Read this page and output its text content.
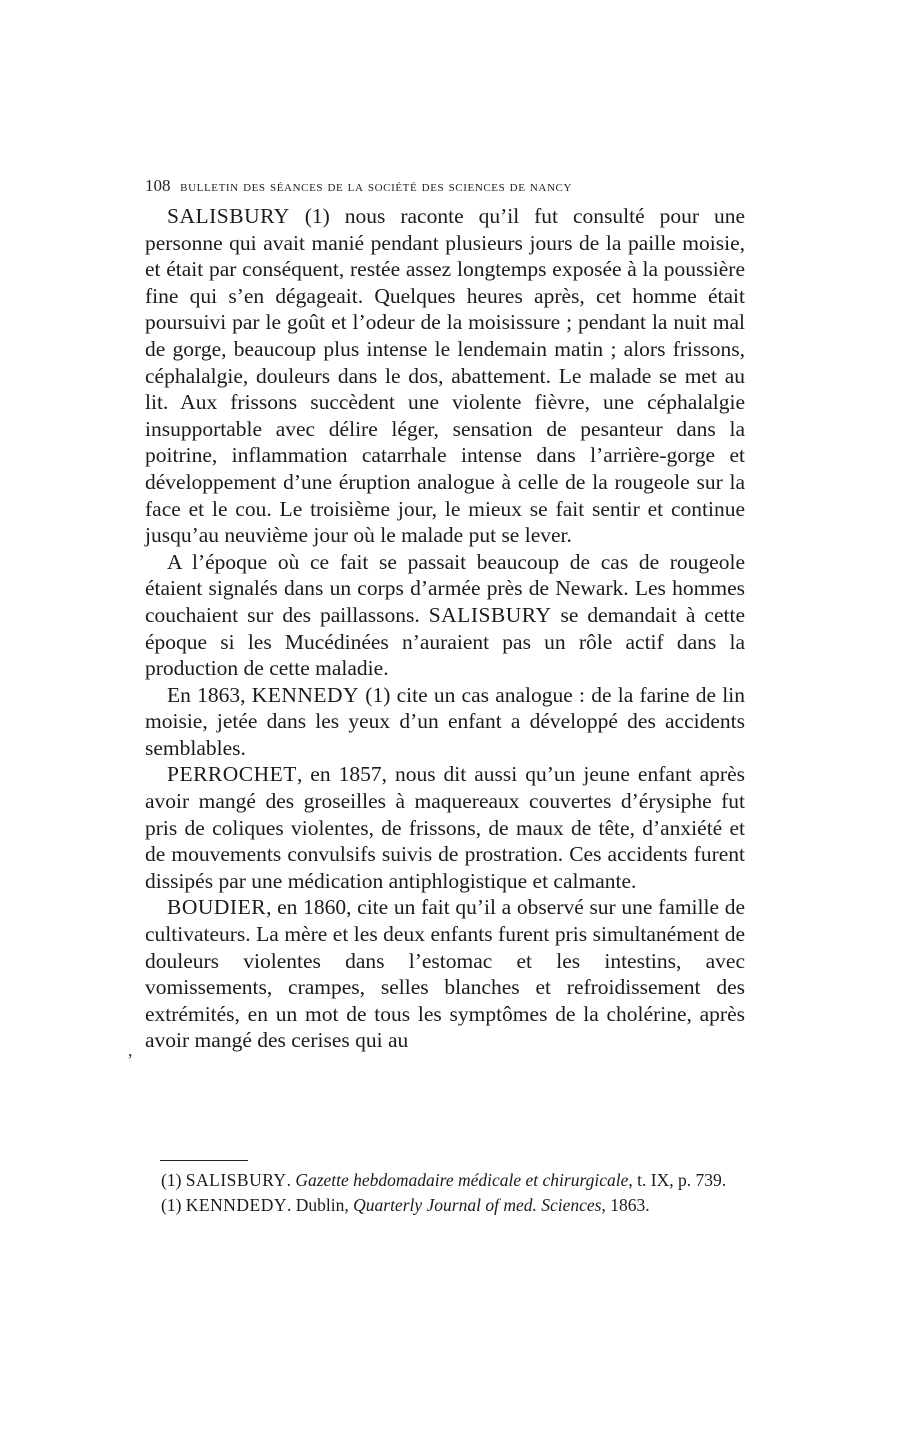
108 bulletin des séances de la société des sciences de nancy

SALISBURY (1) nous raconte qu’il fut consulté pour une personne qui avait manié pendant plusieurs jours de la paille moisie, et était par conséquent, restée assez longtemps exposée à la poussière fine qui s’en dégageait. Quelques heures après, cet homme était poursuivi par le goût et l’odeur de la moisissure ; pendant la nuit mal de gorge, beaucoup plus intense le lendemain matin ; alors frissons, céphalalgie, douleurs dans le dos, abattement. Le malade se met au lit. Aux frissons succèdent une violente fièvre, une céphalalgie insupportable avec délire léger, sensation de pesanteur dans la poitrine, inflammation catarrhale intense dans l’arrière-gorge et développement d’une éruption analogue à celle de la rougeole sur la face et le cou. Le troisième jour, le mieux se fait sentir et continue jusqu’au neuvième jour où le malade put se lever.

A l’époque où ce fait se passait beaucoup de cas de rougeole étaient signalés dans un corps d’armée près de Newark. Les hommes couchaient sur des paillassons. SALISBURY se demandait à cette époque si les Mucédinées n’auraient pas un rôle actif dans la production de cette maladie.

En 1863, KENNEDY (1) cite un cas analogue : de la farine de lin moisie, jetée dans les yeux d’un enfant a développé des accidents semblables.

PERROCHET, en 1857, nous dit aussi qu’un jeune enfant après avoir mangé des groseilles à maquereaux couvertes d’érysiphe fut pris de coliques violentes, de frissons, de maux de tête, d’anxiété et de mouvements convulsifs suivis de prostration. Ces accidents furent dissipés par une médication antiphlogistique et calmante.

BOUDIER, en 1860, cite un fait qu’il a observé sur une famille de cultivateurs. La mère et les deux enfants furent pris simultanément de douleurs violentes dans l’estomac et les intestins, avec vomissements, crampes, selles blanches et refroidissement des extrémités, en un mot de tous les symptômes de la cholérine, après avoir mangé des cerises qui au

,

(1) SALISBURY. Gazette hebdomadaire médicale et chirurgicale, t. IX, p. 739.

(1) KENNDEDY. Dublin, Quarterly Journal of med. Sciences, 1863.
